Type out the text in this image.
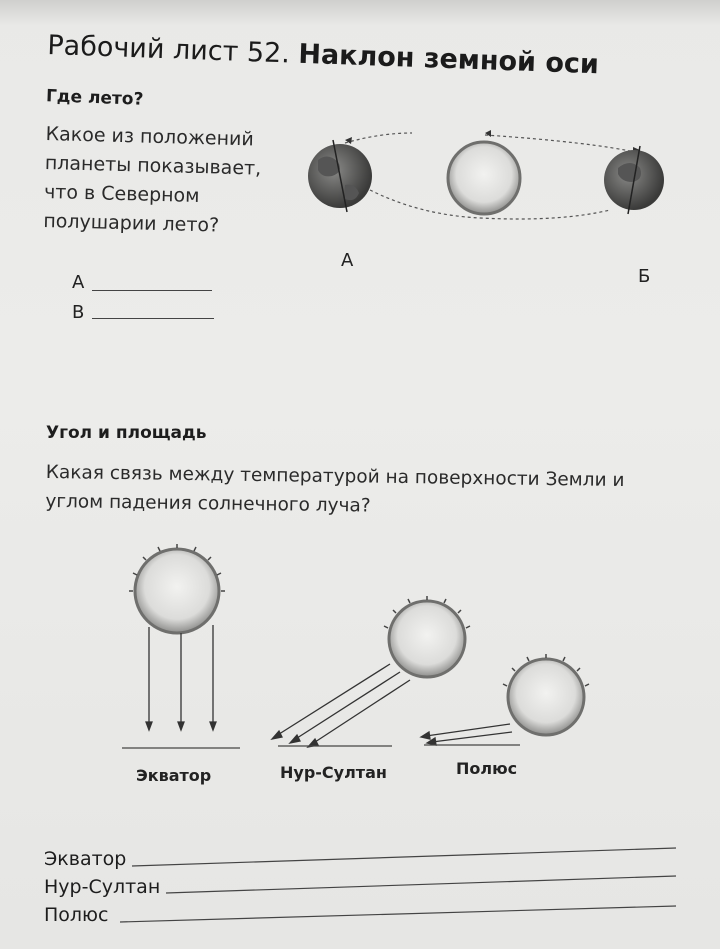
Рабочий лист 52. Наклон земной оси
Где лето?
Какое из положений планеты показывает, что в Северном полушарии лето?
А
В
А
Б
Угол и площадь
Какая связь между температурой на поверхности Земли и углом падения солнечного луча?
Экватор	Нур-Султан	Полюс
Экватор
Нур-Султан
Полюс
